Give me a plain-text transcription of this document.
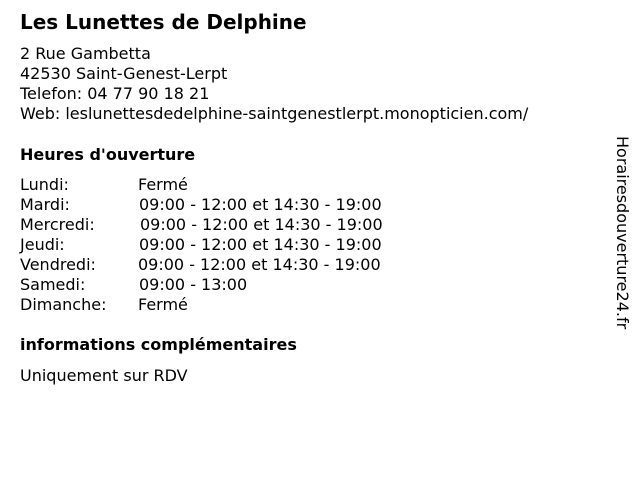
Les Lunettes de Delphine
2 Rue Gambetta
42530 Saint-Genest-Lerpt
Telefon: 04 77 90 18 21
Web: leslunettesdedelphine-saintgenestlerpt.monopticien.com/
Heures d'ouverture
Lundi:	Fermé
Mardi:	09:00 - 12:00 et 14:30 - 19:00
Mercredi:	09:00 - 12:00 et 14:30 - 19:00
Jeudi:	09:00 - 12:00 et 14:30 - 19:00
Vendredi:	09:00 - 12:00 et 14:30 - 19:00
Samedi:	09:00 - 13:00
Dimanche: Fermé
informations complémentaires
Uniquement sur RDV
Horairesdouverture24.fr
